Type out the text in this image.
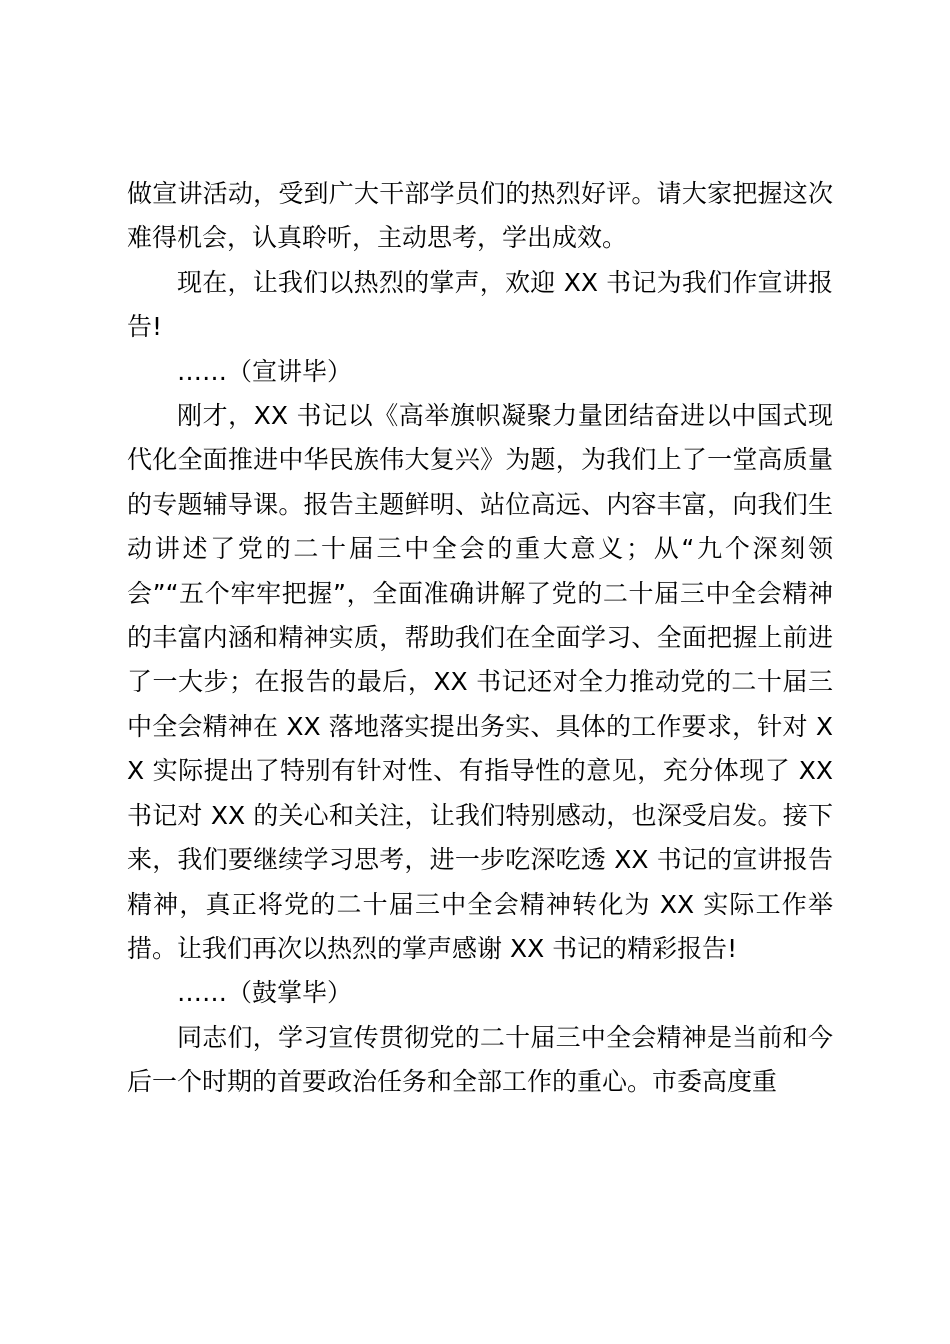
做宣讲活动，受到广大干部学员们的热烈好评。请大家把握这次难得机会，认真聆听，主动思考，学出成效。

现在，让我们以热烈的掌声，欢迎 XX 书记为我们作宣讲报告!

……（宣讲毕）

刚才，XX 书记以《高举旗帜凝聚力量团结奋进以中国式现代化全面推进中华民族伟大复兴》为题，为我们上了一堂高质量的专题辅导课。报告主题鲜明、站位高远、内容丰富，向我们生动讲述了党的二十届三中全会的重大意义；从“九个深刻领会”“五个牢牢把握”，全面准确讲解了党的二十届三中全会精神的丰富内涵和精神实质，帮助我们在全面学习、全面把握上前进了一大步；在报告的最后，XX 书记还对全力推动党的二十届三中全会精神在 XX 落地落实提出务实、具体的工作要求，针对 XX 实际提出了特别有针对性、有指导性的意见，充分体现了 XX 书记对 XX 的关心和关注，让我们特别感动，也深受启发。接下来，我们要继续学习思考，进一步吃深吃透 XX 书记的宣讲报告精神，真正将党的二十届三中全会精神转化为 XX 实际工作举措。让我们再次以热烈的掌声感谢 XX 书记的精彩报告!

……（鼓掌毕）

同志们，学习宣传贯彻党的二十届三中全会精神是当前和今后一个时期的首要政治任务和全部工作的重心。市委高度重
